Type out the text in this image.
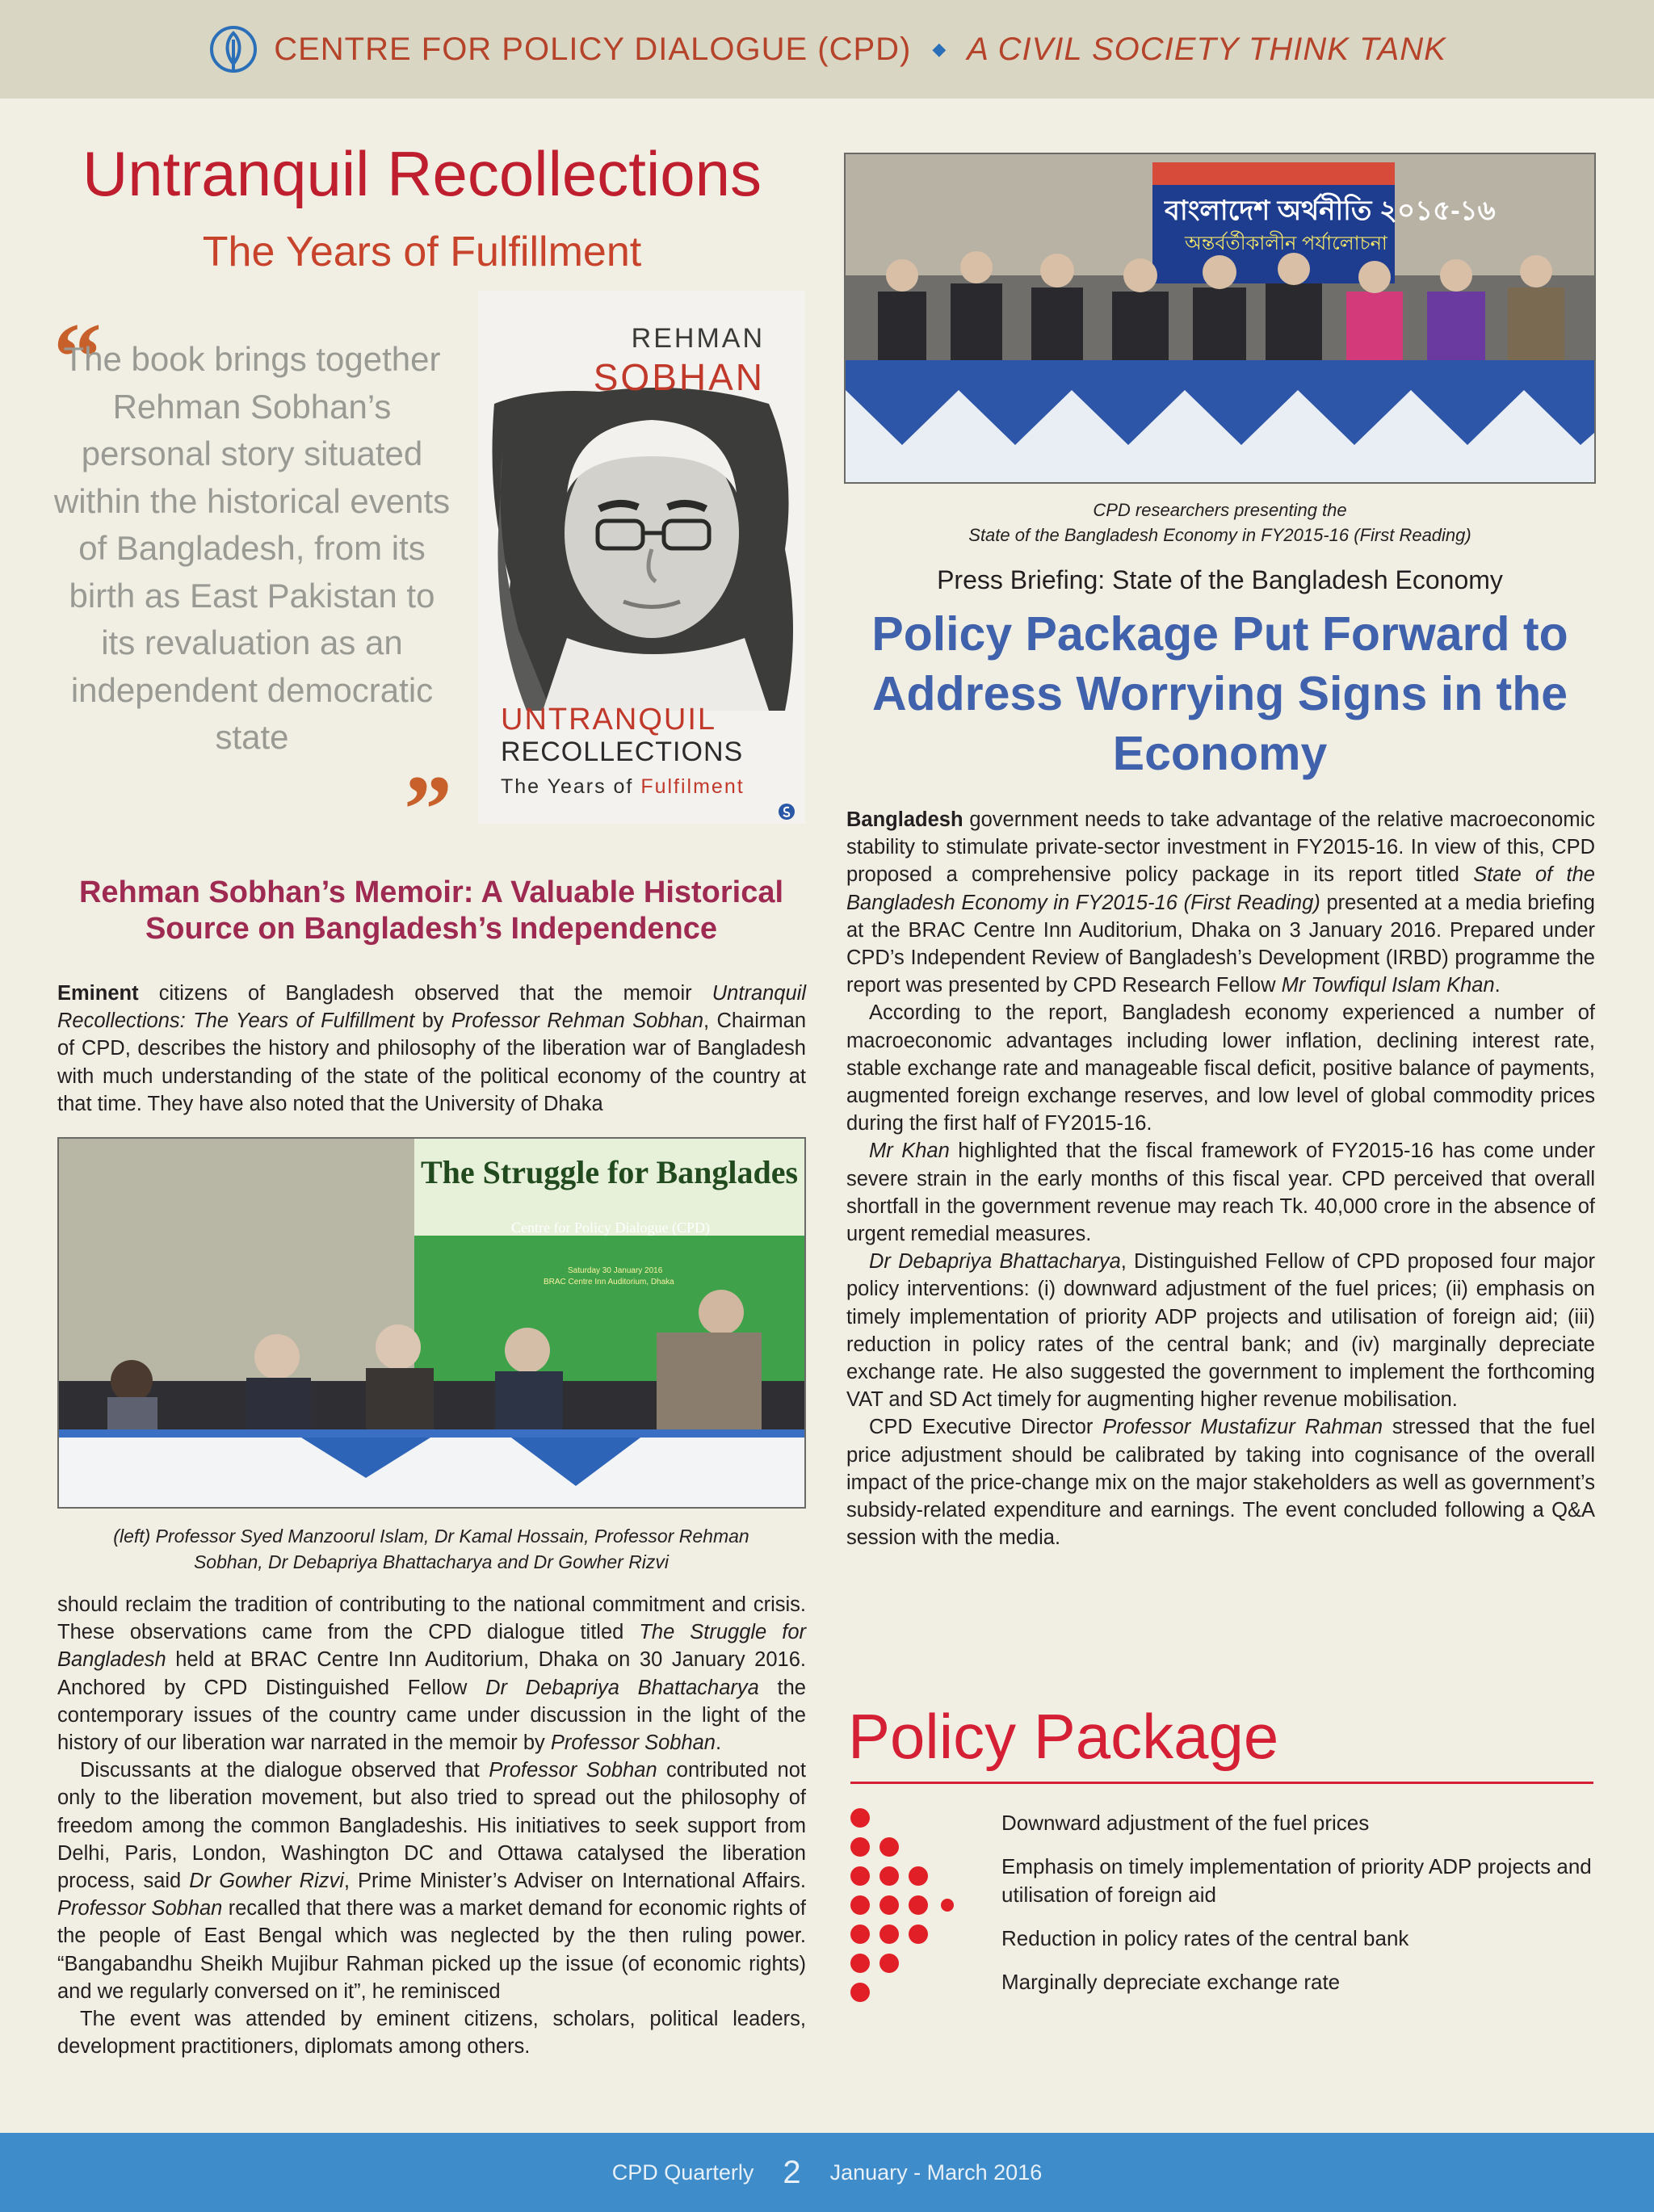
CENTRE FOR POLICY DIALOGUE (CPD) ◆ A CIVIL SOCIETY THINK TANK
Untranquil Recollections
The Years of Fulfillment
“
The book brings together Rehman Sobhan’s personal story situated within the historical events of Bangladesh, from its birth as East Pakistan to its revaluation as an independent democratic state
”
REHMAN
SOBHAN
UNTRANQUIL
RECOLLECTIONS
The Years of Fulfilment
Rehman Sobhan’s Memoir: A Valuable Historical Source on Bangladesh’s Independence

Eminent citizens of Bangladesh observed that the memoir Untranquil Recollections: The Years of Fulfillment by Professor Rehman Sobhan, Chairman of CPD, describes the history and philosophy of the liberation war of Bangladesh with much understanding of the state of the political economy of the country at that time. They have also noted that the University of Dhaka

The Struggle for Banglades
Centre for Policy Dialogue (CPD)
Saturday 30 January 2016
BRAC Centre Inn Auditorium, Dhaka
(left) Professor Syed Manzoorul Islam, Dr Kamal Hossain, Professor Rehman Sobhan, Dr Debapriya Bhattacharya and Dr Gowher Rizvi

should reclaim the tradition of contributing to the national commitment and crisis. These observations came from the CPD dialogue titled The Struggle for Bangladesh held at BRAC Centre Inn Auditorium, Dhaka on 30 January 2016. Anchored by CPD Distinguished Fellow Dr Debapriya Bhattacharya the contemporary issues of the country came under discussion in the light of the history of our liberation war narrated in the memoir by Professor Sobhan.

Discussants at the dialogue observed that Professor Sobhan contributed not only to the liberation movement, but also tried to spread out the philosophy of freedom among the common Bangladeshis. His initiatives to seek support from Delhi, Paris, London, Washington DC and Ottawa catalysed the liberation process, said Dr Gowher Rizvi, Prime Minister’s Adviser on International Affairs. Professor Sobhan recalled that there was a market demand for economic rights of the people of East Bengal which was neglected by the then ruling power. “Bangabandhu Sheikh Mujibur Rahman picked up the issue (of economic rights) and we regularly conversed on it”, he reminisced

The event was attended by eminent citizens, scholars, political leaders, development practitioners, diplomats among others.

বাংলাদেশ অর্থনীতি ২০১৫-১৬
অন্তর্বর্তীকালীন পর্যালোচনা
CPD researchers presenting the
State of the Bangladesh Economy in FY2015-16 (First Reading)
Press Briefing: State of the Bangladesh Economy
Policy Package Put Forward to Address Worrying Signs in the Economy

Bangladesh government needs to take advantage of the relative macroeconomic stability to stimulate private-sector investment in FY2015-16. In view of this, CPD proposed a comprehensive policy package in its report titled State of the Bangladesh Economy in FY2015-16 (First Reading) presented at a media briefing at the BRAC Centre Inn Auditorium, Dhaka on 3 January 2016. Prepared under CPD’s Independent Review of Bangladesh’s Development (IRBD) programme the report was presented by CPD Research Fellow Mr Towfiqul Islam Khan.

According to the report, Bangladesh economy experienced a number of macroeconomic advantages including lower inflation, declining interest rate, stable exchange rate and manageable fiscal deficit, positive balance of payments, augmented foreign exchange reserves, and low level of global commodity prices during the first half of FY2015-16.

Mr Khan highlighted that the fiscal framework of FY2015-16 has come under severe strain in the early months of this fiscal year. CPD perceived that overall shortfall in the government revenue may reach Tk. 40,000 crore in the absence of urgent remedial measures.

Dr Debapriya Bhattacharya, Distinguished Fellow of CPD proposed four major policy interventions: (i) downward adjustment of the fuel prices; (ii) emphasis on timely implementation of priority ADP projects and utilisation of foreign aid; (iii) reduction in policy rates of the central bank; and (iv) marginally depreciate exchange rate. He also suggested the government to implement the forthcoming VAT and SD Act timely for augmenting higher revenue mobilisation.

CPD Executive Director Professor Mustafizur Rahman stressed that the fuel price adjustment should be calibrated by taking into cognisance of the overall impact of the price-change mix on the major stakeholders as well as government’s subsidy-related expenditure and earnings. The event concluded following a Q&A session with the media.

Policy Package
Downward adjustment of the fuel prices
Emphasis on timely implementation of priority ADP projects and utilisation of foreign aid
Reduction in policy rates of the central bank
Marginally depreciate exchange rate
CPD Quarterly 2 January - March 2016
